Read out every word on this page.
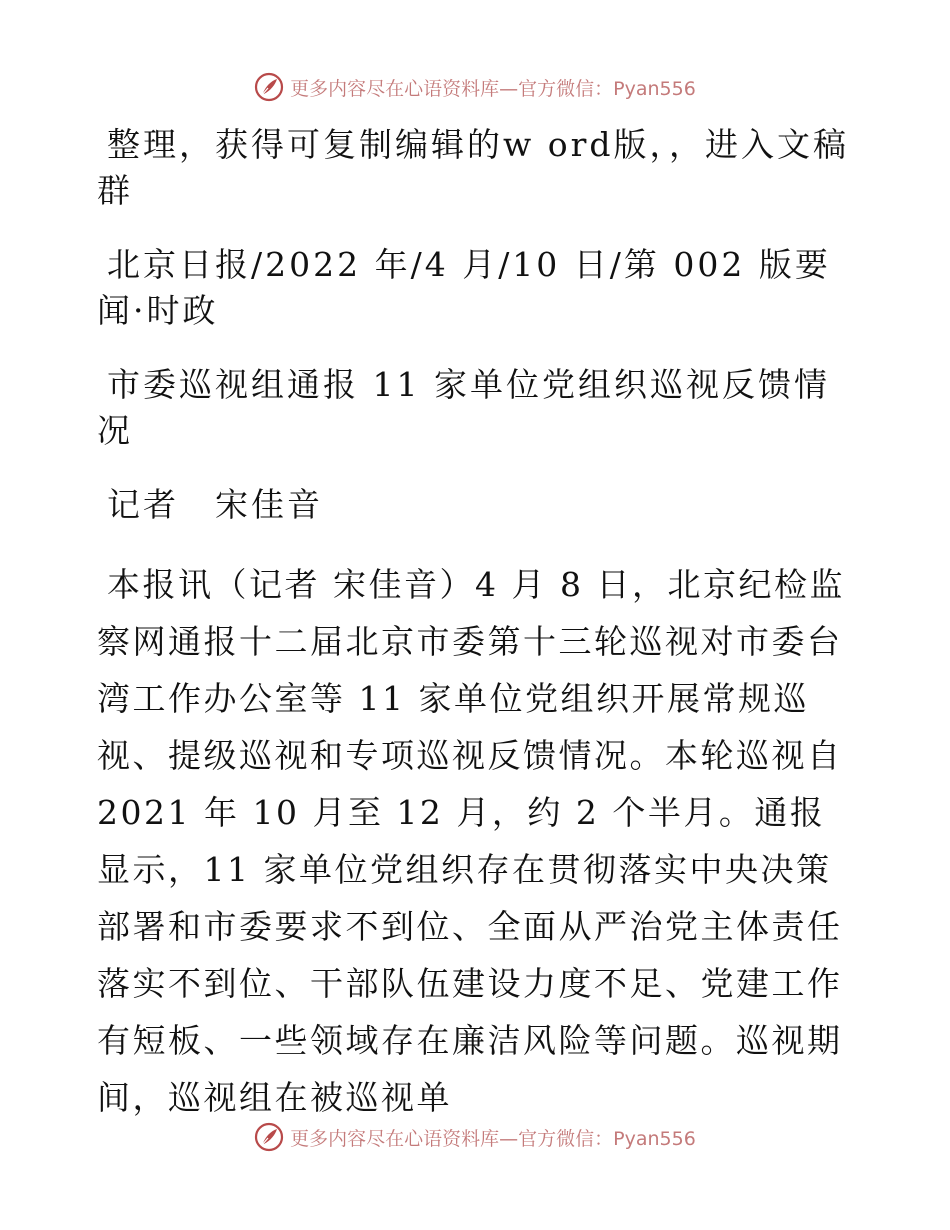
更多内容尽在心语资料库—官方微信：Pyan556

整理，获得可复制编辑的w ord版，，进入文稿群

北京日报/2022 年/4 月/10 日/第 002 版要闻·时政

市委巡视组通报 11 家单位党组织巡视反馈情况

记者　宋佳音

本报讯（记者 宋佳音）4 月 8 日，北京纪检监察网通报十二届北京市委第十三轮巡视对市委台湾工作办公室等 11 家单位党组织开展常规巡视、提级巡视和专项巡视反馈情况。本轮巡视自 2021 年 10 月至 12 月，约 2 个半月。通报显示，11 家单位党组织存在贯彻落实中央决策部署和市委要求不到位、全面从严治党主体责任落实不到位、干部队伍建设力度不足、党建工作有短板、一些领域存在廉洁风险等问题。巡视期间，巡视组在被巡视单

更多内容尽在心语资料库—官方微信：Pyan556
